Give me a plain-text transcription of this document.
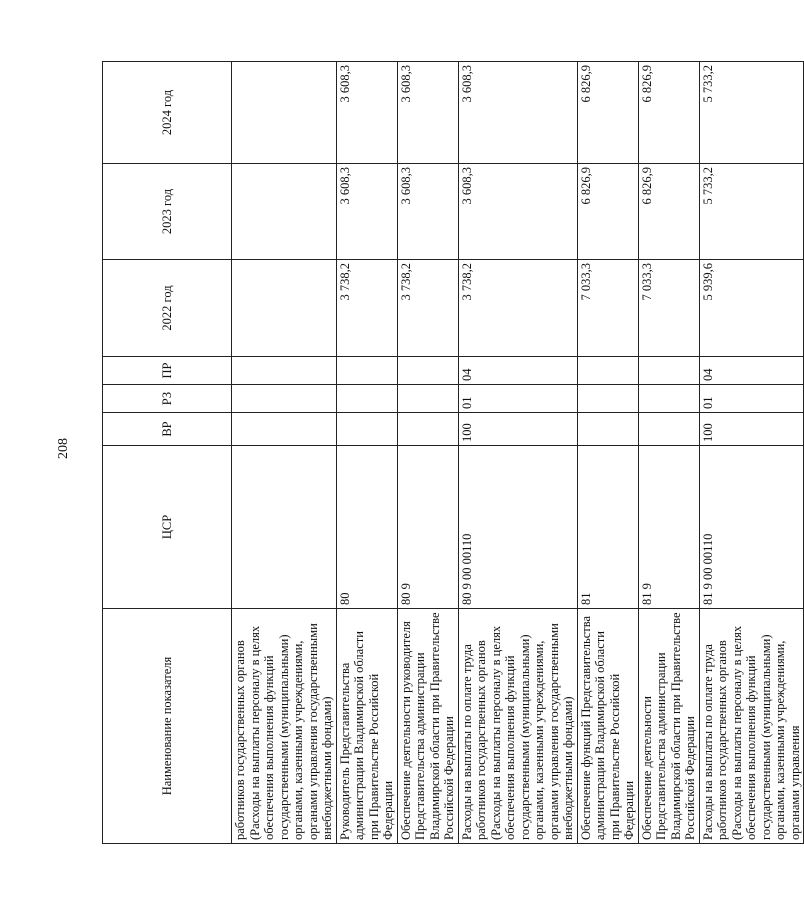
208
Наименование показателя	ЦСР	ВР	РЗ	ПР	2022 год	2023 год	2024 год
работников государственных органов (Расходы на выплаты персоналу в целях обеспечения выполнения функций государственными (муниципальными) органами, казенными учреждениями, органами управления государственными внебюджетными фондами)							
Руководитель Представительства администрации Владимирской области при Правительстве Российской Федерации	80				3 738,2	3 608,3	3 608,3
Обеспечение деятельности руководителя Представительства администрации Владимирской области при Правительстве Российской Федерации	80 9				3 738,2	3 608,3	3 608,3
Расходы на выплаты по оплате труда работников государственных органов (Расходы на выплаты персоналу в целях обеспечения выполнения функций государственными (муниципальными) органами, казенными учреждениями, органами управления государственными внебюджетными фондами)	80 9 00 00110	100	01	04	3 738,2	3 608,3	3 608,3
Обеспечение функций Представительства администрации Владимирской области при Правительстве Российской Федерации	81				7 033,3	6 826,9	6 826,9
Обеспечение деятельности Представительства администрации Владимирской области при Правительстве Российской Федерации	81 9				7 033,3	6 826,9	6 826,9
Расходы на выплаты по оплате труда работников государственных органов (Расходы на выплаты персоналу в целях обеспечения выполнения функций государственными (муниципальными) органами, казенными учреждениями, органами управления	81 9 00 00110	100	01	04	5 939,6	5 733,2	5 733,2
